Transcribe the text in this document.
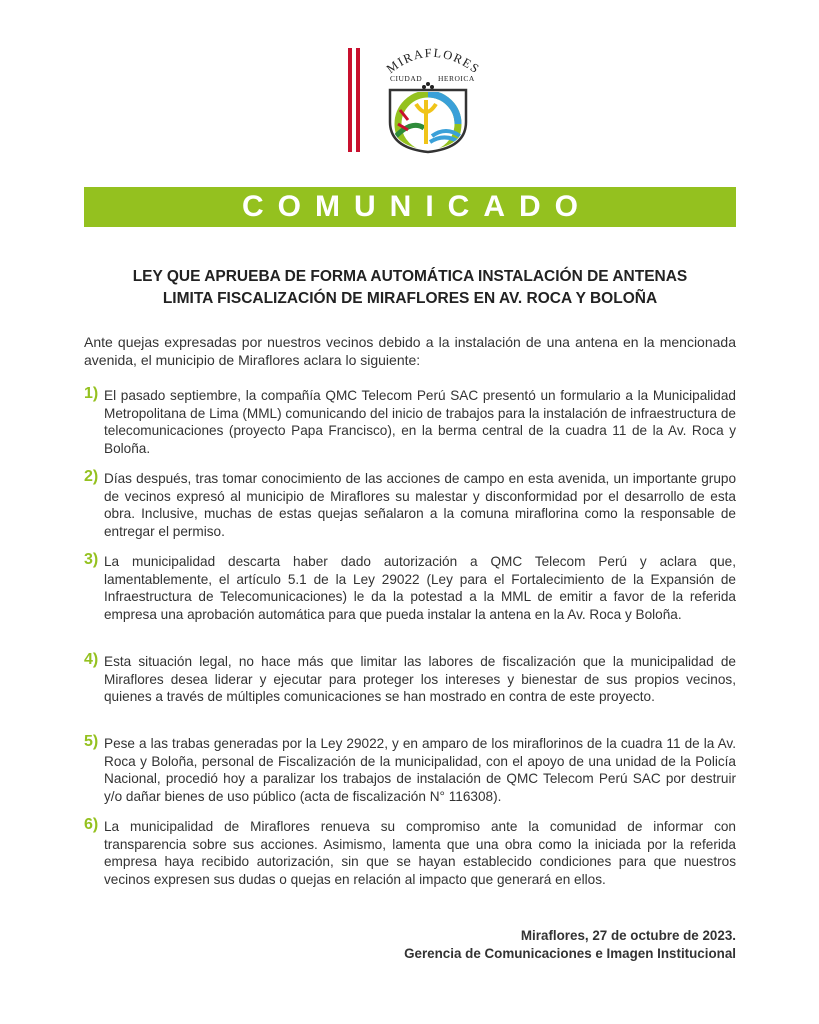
MIRAFLORES
CIUDAD HEROICA
COMUNICADO
LEY QUE APRUEBA DE FORMA AUTOMÁTICA INSTALACIÓN DE ANTENAS
LIMITA FISCALIZACIÓN DE MIRAFLORES EN AV. ROCA Y BOLOÑA
Ante quejas expresadas por nuestros vecinos debido a la instalación de una antena en la mencionada avenida, el municipio de Miraflores aclara lo siguiente:
1) El pasado septiembre, la compañía QMC Telecom Perú SAC presentó un formulario a la Municipalidad Metropolitana de Lima (MML) comunicando del inicio de trabajos para la instalación de infraestructura de telecomunicaciones (proyecto Papa Francisco), en la berma central de la cuadra 11 de la Av. Roca y Boloña.
2) Días después, tras tomar conocimiento de las acciones de campo en esta avenida, un importante grupo de vecinos expresó al municipio de Miraflores su malestar y disconformidad por el desarrollo de esta obra. Inclusive, muchas de estas quejas señalaron a la comuna miraflorina como la responsable de entregar el permiso.
3) La municipalidad descarta haber dado autorización a QMC Telecom Perú y aclara que, lamentablemente, el artículo 5.1 de la Ley 29022 (Ley para el Fortalecimiento de la Expansión de Infraestructura de Telecomunicaciones) le da la potestad a la MML de emitir a favor de la referida empresa una aprobación automática para que pueda instalar la antena en la Av. Roca y Boloña.
4) Esta situación legal, no hace más que limitar las labores de fiscalización que la municipalidad de Miraflores desea liderar y ejecutar para proteger los intereses y bienestar de sus propios vecinos, quienes a través de múltiples comunicaciones se han mostrado en contra de este proyecto.
5) Pese a las trabas generadas por la Ley 29022, y en amparo de los miraflorinos de la cuadra 11 de la Av. Roca y Boloña, personal de Fiscalización de la municipalidad, con el apoyo de una unidad de la Policía Nacional, procedió hoy a paralizar los trabajos de instalación de QMC Telecom Perú SAC por destruir y/o dañar bienes de uso público (acta de fiscalización N° 116308).
6) La municipalidad de Miraflores renueva su compromiso ante la comunidad de informar con transparencia sobre sus acciones. Asimismo, lamenta que una obra como la iniciada por la referida empresa haya recibido autorización, sin que se hayan establecido condiciones para que nuestros vecinos expresen sus dudas o quejas en relación al impacto que generará en ellos.
Miraflores, 27 de octubre de 2023.
Gerencia de Comunicaciones e Imagen Institucional
